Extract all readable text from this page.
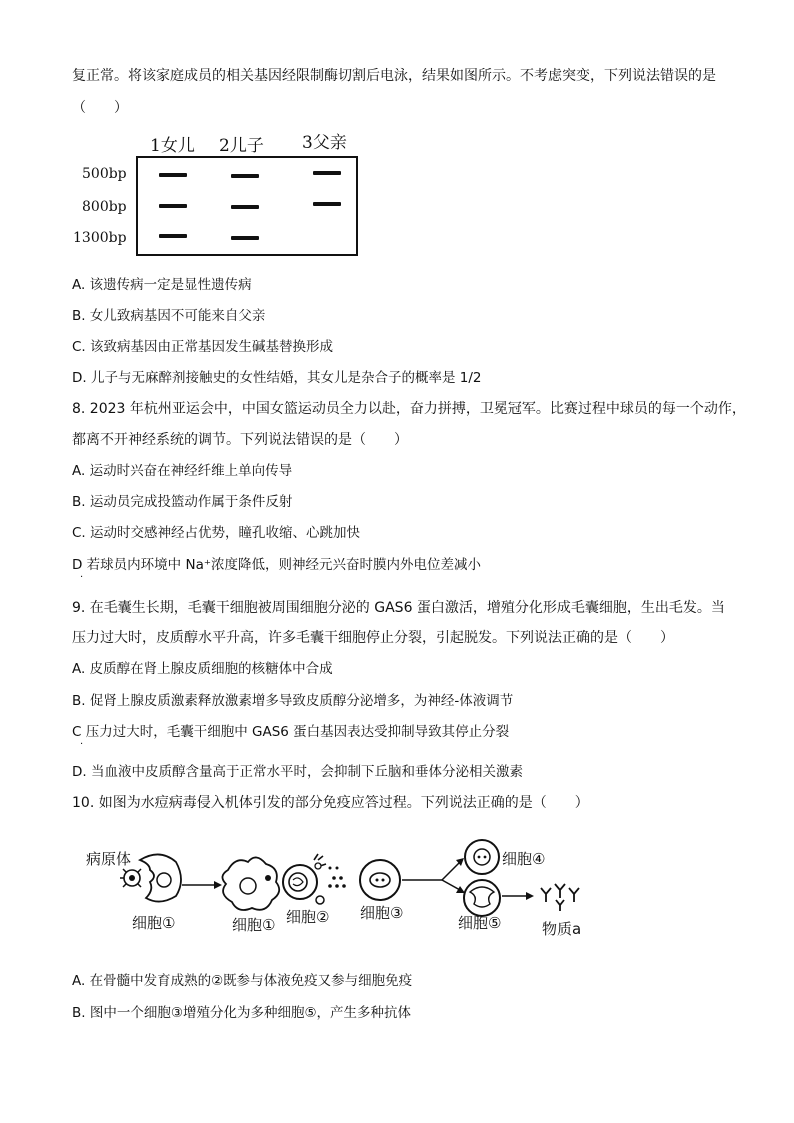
复正常。将该家庭成员的相关基因经限制酶切割后电泳，结果如图所示。不考虑突变，下列说法错误的是
（　　）
1女儿 2儿子 3父亲
500bp
800bp
1300bp
A. 该遗传病一定是显性遗传病
B. 女儿致病基因不可能来自父亲
C. 该致病基因由正常基因发生碱基替换形成
D. 儿子与无麻醉剂接触史的女性结婚，其女儿是杂合子的概率是 1/2
8. 2023 年杭州亚运会中，中国女篮运动员全力以赴，奋力拼搏，卫冕冠军。比赛过程中球员的每一个动作，
都离不开神经系统的调节。下列说法错误的是（　　）
A. 运动时兴奋在神经纤维上单向传导
B. 运动员完成投篮动作属于条件反射
C. 运动时交感神经占优势，瞳孔收缩、心跳加快
D 若球员内环境中 Na⁺浓度降低，则神经元兴奋时膜内外电位差减小
·
9. 在毛囊生长期，毛囊干细胞被周围细胞分泌的 GAS6 蛋白激活，增殖分化形成毛囊细胞，生出毛发。当
压力过大时，皮质醇水平升高，许多毛囊干细胞停止分裂，引起脱发。下列说法正确的是（　　）
A. 皮质醇在肾上腺皮质细胞的核糖体中合成
B. 促肾上腺皮质激素释放激素增多导致皮质醇分泌增多，为神经-体液调节
C 压力过大时，毛囊干细胞中 GAS6 蛋白基因表达受抑制导致其停止分裂
·
D. 当血液中皮质醇含量高于正常水平时，会抑制下丘脑和垂体分泌相关激素
10. 如图为水痘病毒侵入机体引发的部分免疫应答过程。下列说法正确的是（　　）
病原体
细胞①	细胞① 细胞② 细胞③
细胞④
细胞⑤	物质a
A. 在骨髓中发育成熟的②既参与体液免疫又参与细胞免疫
B. 图中一个细胞③增殖分化为多种细胞⑤，产生多种抗体
